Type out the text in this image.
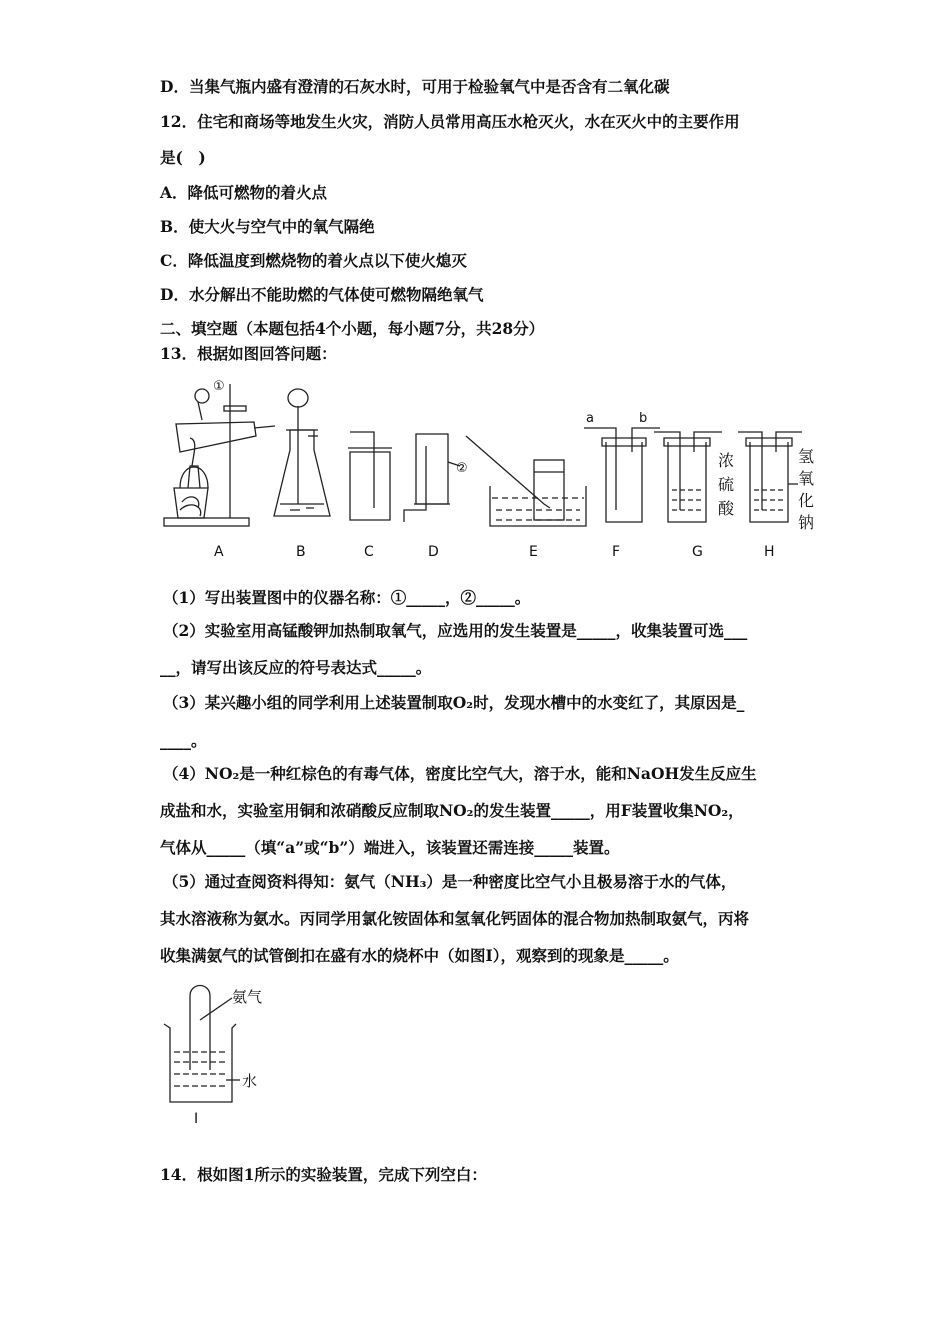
D．当集气瓶内盛有澄清的石灰水时，可用于检验氧气中是否含有二氧化碳
12．住宅和商场等地发生火灾，消防人员常用高压水枪灭火，水在灭火中的主要作用
是(　)
A．降低可燃物的着火点
B．使大火与空气中的氧气隔绝
C．降低温度到燃烧物的着火点以下使火熄灭
D．水分解出不能助燃的气体使可燃物隔绝氧气
二、填空题（本题包括4个小题，每小题7分，共28分）
13．根据如图回答问题：
①
②
a	b
浓
硫
酸
氢
氧
化
钠
A	B	C	D	E	F	G	H
（1）写出装置图中的仪器名称：①_____，②_____。
（2）实验室用高锰酸钾加热制取氧气，应选用的发生装置是_____，收集装置可选___
__，请写出该反应的符号表达式_____。
（3）某兴趣小组的同学利用上述装置制取O₂时，发现水槽中的水变红了，其原因是_
____。
（4）NO₂是一种红棕色的有毒气体，密度比空气大，溶于水，能和NaOH发生反应生
成盐和水，实验室用铜和浓硝酸反应制取NO₂的发生装置_____，用F装置收集NO₂，
气体从_____（填“a”或“b”）端进入，该装置还需连接_____装置。
（5）通过查阅资料得知：氨气（NH₃）是一种密度比空气小且极易溶于水的气体，
其水溶液称为氨水。丙同学用氯化铵固体和氢氧化钙固体的混合物加热制取氨气，丙将
收集满氨气的试管倒扣在盛有水的烧杯中（如图I），观察到的现象是_____。
氨气
水
I
14．根如图1所示的实验装置，完成下列空白：
